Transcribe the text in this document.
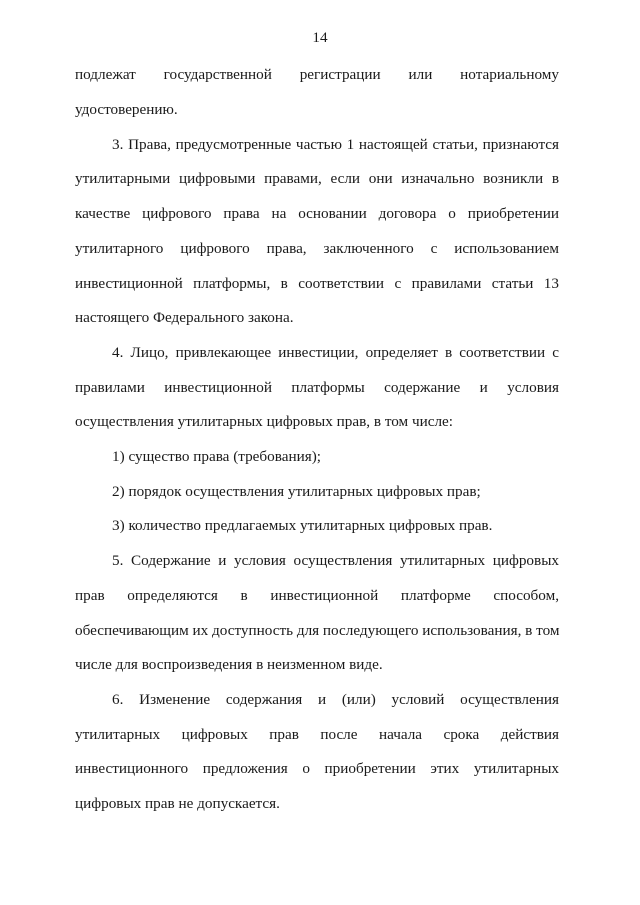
14
подлежат государственной регистрации или нотариальному
удостоверению.
3. Права, предусмотренные частью 1 настоящей статьи, признаются
утилитарными цифровыми правами, если они изначально возникли в
качестве цифрового права на основании договора о приобретении
утилитарного цифрового права, заключенного с использованием
инвестиционной платформы, в соответствии с правилами статьи 13
настоящего Федерального закона.
4. Лицо, привлекающее инвестиции, определяет в соответствии с
правилами инвестиционной платформы содержание и условия
осуществления утилитарных цифровых прав, в том числе:
1) существо права (требования);
2) порядок осуществления утилитарных цифровых прав;
3) количество предлагаемых утилитарных цифровых прав.
5. Содержание и условия осуществления утилитарных цифровых
прав определяются в инвестиционной платформе способом,
обеспечивающим их доступность для последующего использования, в том
числе для воспроизведения в неизменном виде.
6. Изменение содержания и (или) условий осуществления
утилитарных цифровых прав после начала срока действия
инвестиционного предложения о приобретении этих утилитарных
цифровых прав не допускается.
